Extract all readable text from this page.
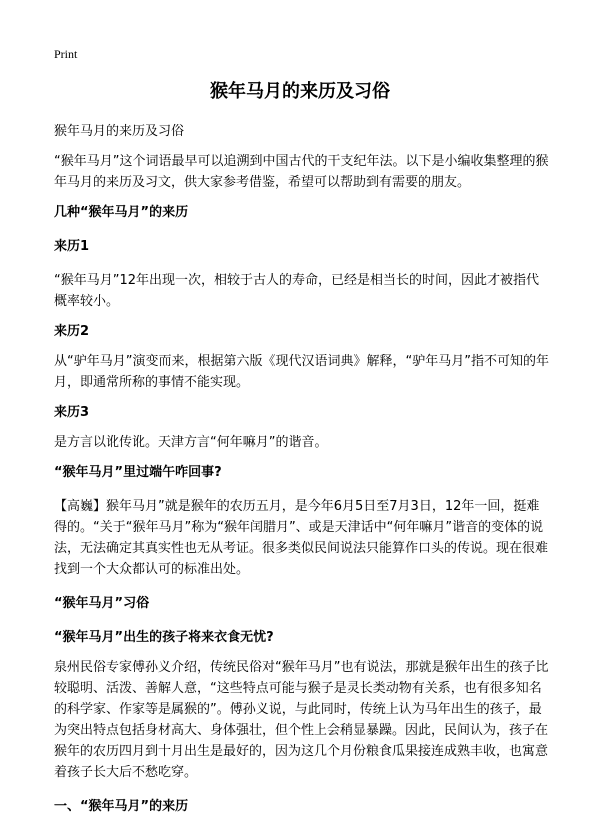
Print
猴年马月的来历及习俗

猴年马月的来历及习俗

“猴年马月”这个词语最早可以追溯到中国古代的干支纪年法。以下是小编收集整理的猴年马月的来历及习文，供大家参考借鉴，希望可以帮助到有需要的朋友。

几种“猴年马月”的来历

来历1

“猴年马月”12年出现一次，相较于古人的寿命，已经是相当长的时间，因此才被指代概率较小。

来历2

从“驴年马月”演变而来，根据第六版《现代汉语词典》解释，“驴年马月”指不可知的年月，即通常所称的事情不能实现。

来历3

是方言以讹传讹。天津方言“何年嘛月”的谐音。

“猴年马月”里过端午咋回事?

【高巍】猴年马月”就是猴年的农历五月，是今年6月5日至7月3日，12年一回，挺难得的。“关于“猴年马月”称为“猴年闰腊月”、或是天津话中“何年嘛月”谐音的变体的说法，无法确定其真实性也无从考证。很多类似民间说法只能算作口头的传说。现在很难找到一个大众都认可的标准出处。

“猴年马月”习俗

“猴年马月”出生的孩子将来衣食无忧?

泉州民俗专家傅孙义介绍，传统民俗对“猴年马月”也有说法，那就是猴年出生的孩子比较聪明、活泼、善解人意，“这些特点可能与猴子是灵长类动物有关系，也有很多知名的科学家、作家等是属猴的”。傅孙义说，与此同时，传统上认为马年出生的孩子，最为突出特点包括身材高大、身体强壮，但个性上会稍显暴躁。因此，民间认为，孩子在猴年的农历四月到十月出生是最好的，因为这几个月份粮食瓜果接连成熟丰收，也寓意着孩子长大后不愁吃穿。

一、“猴年马月”的来历
